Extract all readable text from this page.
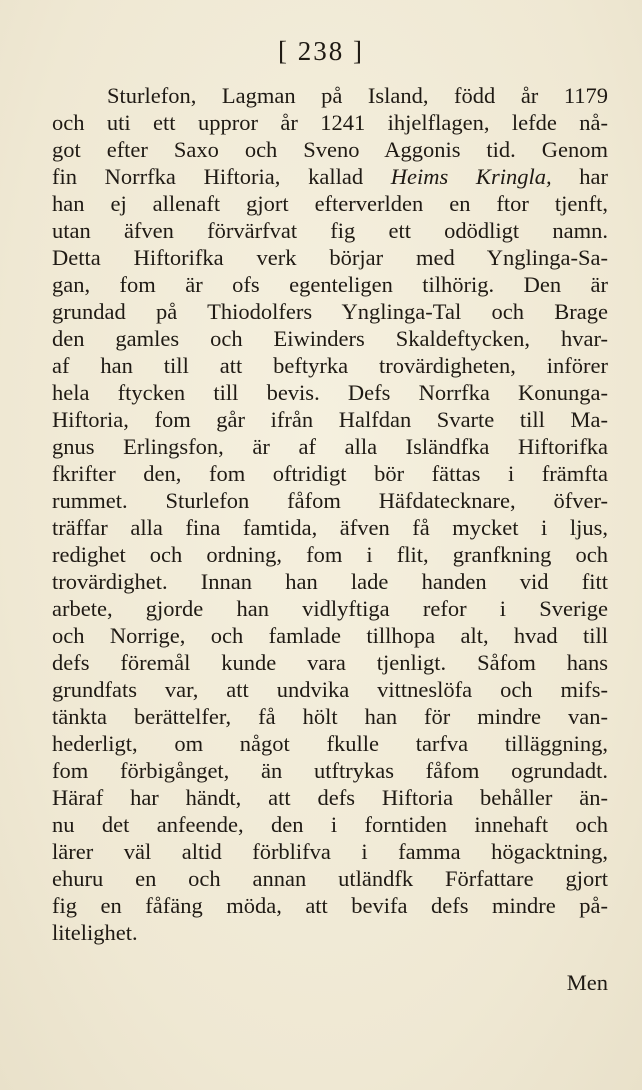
[ 238 ]
Sturlefon, Lagman på Island, född år 1179
och uti ett uppror år 1241 ihjelflagen, lefde nå-
got efter Saxo och Sveno Aggonis tid. Genom
fin Norrfka Hiftoria, kallad Heims Kringla, har
han ej allenaft gjort efterverlden en ftor tjenft,
utan äfven förvärfvat fig ett odödligt namn.
Detta Hiftorifka verk börjar med Ynglinga-Sa-
gan, fom är ofs egenteligen tilhörig. Den är
grundad på Thiodolfers Ynglinga-Tal och Brage
den gamles och Eiwinders Skaldeftycken, hvar-
af han till att beftyrka trovärdigheten, införer
hela ftycken till bevis. Defs Norrfka Konunga-
Hiftoria, fom går ifrån Halfdan Svarte till Ma-
gnus Erlingsfon, är af alla Isländfka Hiftorifka
fkrifter den, fom oftridigt bör fättas i främfta
rummet. Sturlefon fåfom Häfdatecknare, öfver-
träffar alla fina famtida, äfven få mycket i ljus,
redighet och ordning, fom i flit, granfkning och
trovärdighet. Innan han lade handen vid fitt
arbete, gjorde han vidlyftiga refor i Sverige
och Norrige, och famlade tillhopa alt, hvad till
defs föremål kunde vara tjenligt. Såfom hans
grundfats var, att undvika vittneslöfa och mifs-
tänkta berättelfer, få hölt han för mindre van-
hederligt, om något fkulle tarfva tilläggning,
fom förbigånget, än utftrykas fåfom ogrundadt.
Häraf har händt, att defs Hiftoria behåller än-
nu det anfeende, den i forntiden innehaft och
lärer väl altid förblifva i famma högacktning,
ehuru en och annan utländfk Författare gjort
fig en fåfäng möda, att bevifa defs mindre på-
litelighet.
Men
